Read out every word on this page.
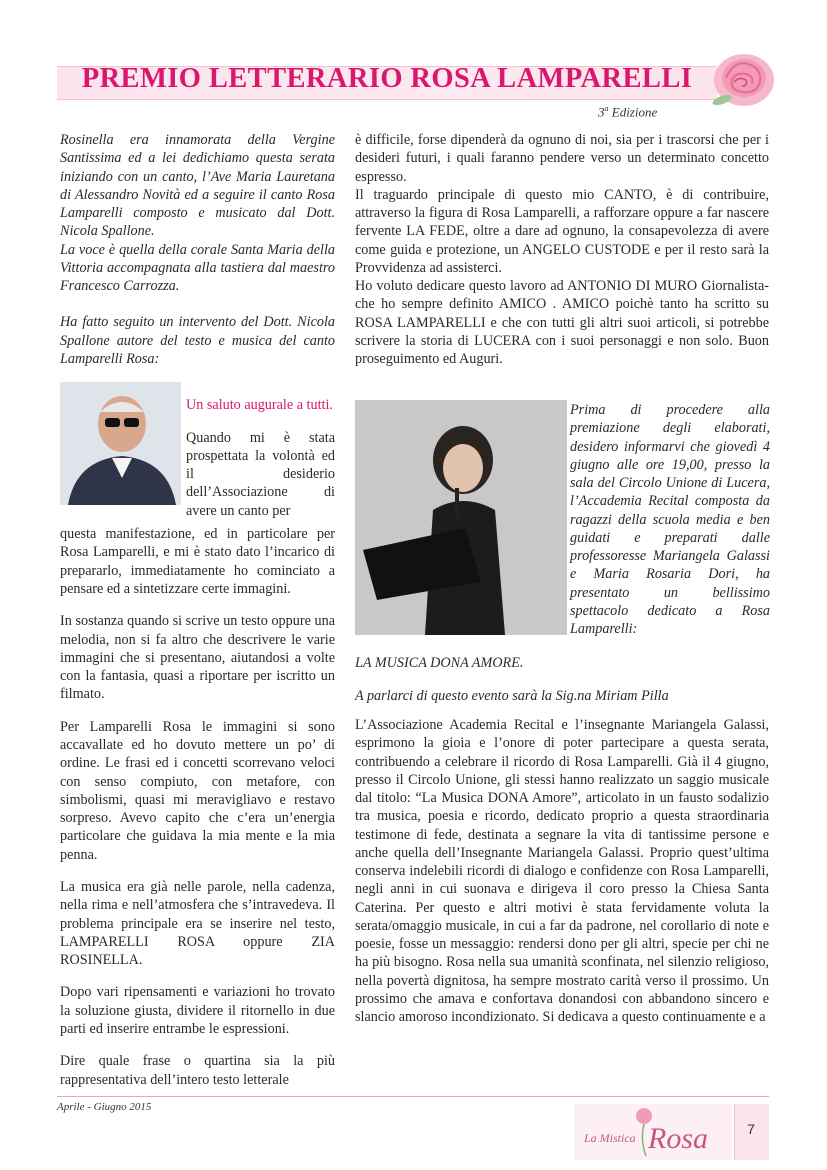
PREMIO LETTERARIO ROSA LAMPARELLI
3$^a$ Edizione

Rosinella era innamorata della Vergine Santissima ed a lei dedichiamo questa serata iniziando con un canto, l’Ave Maria Lauretana di Alessandro Novità ed a seguire il canto Rosa Lamparelli composto e musicato dal Dott. Nicola Spallone.

La voce è quella della corale Santa Maria della Vittoria accompagnata alla tastiera dal maestro Francesco Carrozza.

Ha fatto seguito un intervento del Dott. Nicola Spallone autore del testo e musica del canto Lamparelli Rosa:

Un saluto augurale a tutti.

Quando mi è stata prospettata la volontà ed il desiderio dell’Associazione di avere un canto per

questa manifestazione, ed in particolare per Rosa Lamparelli, e mi è stato dato l’incarico di prepararlo, immediatamente ho cominciato a pensare ed a sintetizzare certe immagini.

In sostanza quando si scrive un testo oppure una melodia, non si fa altro che descrivere le varie immagini che si presentano, aiutandosi a volte con la fantasia, quasi a riportare per iscritto un filmato.

Per Lamparelli Rosa le immagini si sono accavallate ed ho dovuto mettere un po’ di ordine. Le frasi ed i concetti scorrevano veloci con senso compiuto, con metafore, con simbolismi, quasi mi meravigliavo e restavo sorpreso. Avevo capito che c’era un’energia particolare che guidava la mia mente e la mia penna.

La musica era già nelle parole, nella cadenza, nella rima e nell’atmosfera che s’intravedeva. Il problema principale era se inserire nel testo, LAMPARELLI ROSA oppure ZIA ROSINELLA.

Dopo vari ripensamenti e variazioni ho trovato la soluzione giusta, dividere il ritornello in due parti ed inserire entrambe le espressioni.

Dire quale frase o quartina sia la più rappresentativa dell’intero testo letterale

è difficile, forse dipenderà da ognuno di noi, sia per i trascorsi che per i desideri futuri, i quali faranno pendere verso un determinato concetto espresso.

Il traguardo principale di questo mio CANTO, è di contribuire, attraverso la figura di Rosa Lamparelli, a rafforzare oppure a far nascere fervente LA FEDE, oltre a dare ad ognuno, la consapevolezza di avere come guida e protezione, un ANGELO CUSTODE e per il resto sarà la Provvidenza ad assisterci.

Ho voluto dedicare questo lavoro ad ANTONIO DI MURO Giornalista- che ho sempre definito AMICO . AMICO poichè tanto ha scritto su ROSA LAMPARELLI e che con tutti gli altri suoi articoli, si potrebbe scrivere la storia di LUCERA con i suoi personaggi e non solo. Buon proseguimento ed Auguri.

Prima di procedere alla premiazione degli elaborati, desidero informarvi che giovedì 4 giugno alle ore 19,00, presso la sala del Circolo Unione di Lucera, l’Accademia Recital composta da ragazzi della scuola media e ben guidati e preparati dalle professoresse Mariangela Galassi e Maria Rosaria Dori, ha presentato un bellissimo spettacolo dedicato a Rosa Lamparelli:

LA MUSICA DONA AMORE.

A parlarci di questo evento sarà la Sig.na Miriam Pilla

L’Associazione Academia Recital e l’insegnante Mariangela Galassi, esprimono la gioia e l’onore di poter partecipare a questa serata, contribuendo a celebrare il ricordo di Rosa Lamparelli. Già il 4 giugno, presso il Circolo Unione, gli stessi hanno realizzato un saggio musicale dal titolo: “La Musica DONA Amore”, articolato in un fausto sodalizio tra musica, poesia e ricordo, dedicato proprio a questa straordinaria testimone di fede, destinata a segnare la vita di tantissime persone e anche quella dell’Insegnante Mariangela Galassi. Proprio quest’ultima conserva indelebili ricordi di dialogo e confidenze con Rosa Lamparelli, negli anni in cui suonava e dirigeva il coro presso la Chiesa Santa Caterina. Per questo e altri motivi è stata fervidamente voluta la serata/omaggio musicale, in cui a far da padrone, nel corollario di note e poesie, fosse un messaggio: rendersi dono per gli altri, specie per chi ne ha più bisogno. Rosa nella sua umanità sconfinata, nel silenzio religioso, nella povertà dignitosa, ha sempre mostrato carità verso il prossimo. Un prossimo che amava e confortava donandosi con abbandono sincero e slancio amoroso incondizionato. Si dedicava a questo continuamente e a

Aprile - Giugno 2015
La Mistica Rosa	7
